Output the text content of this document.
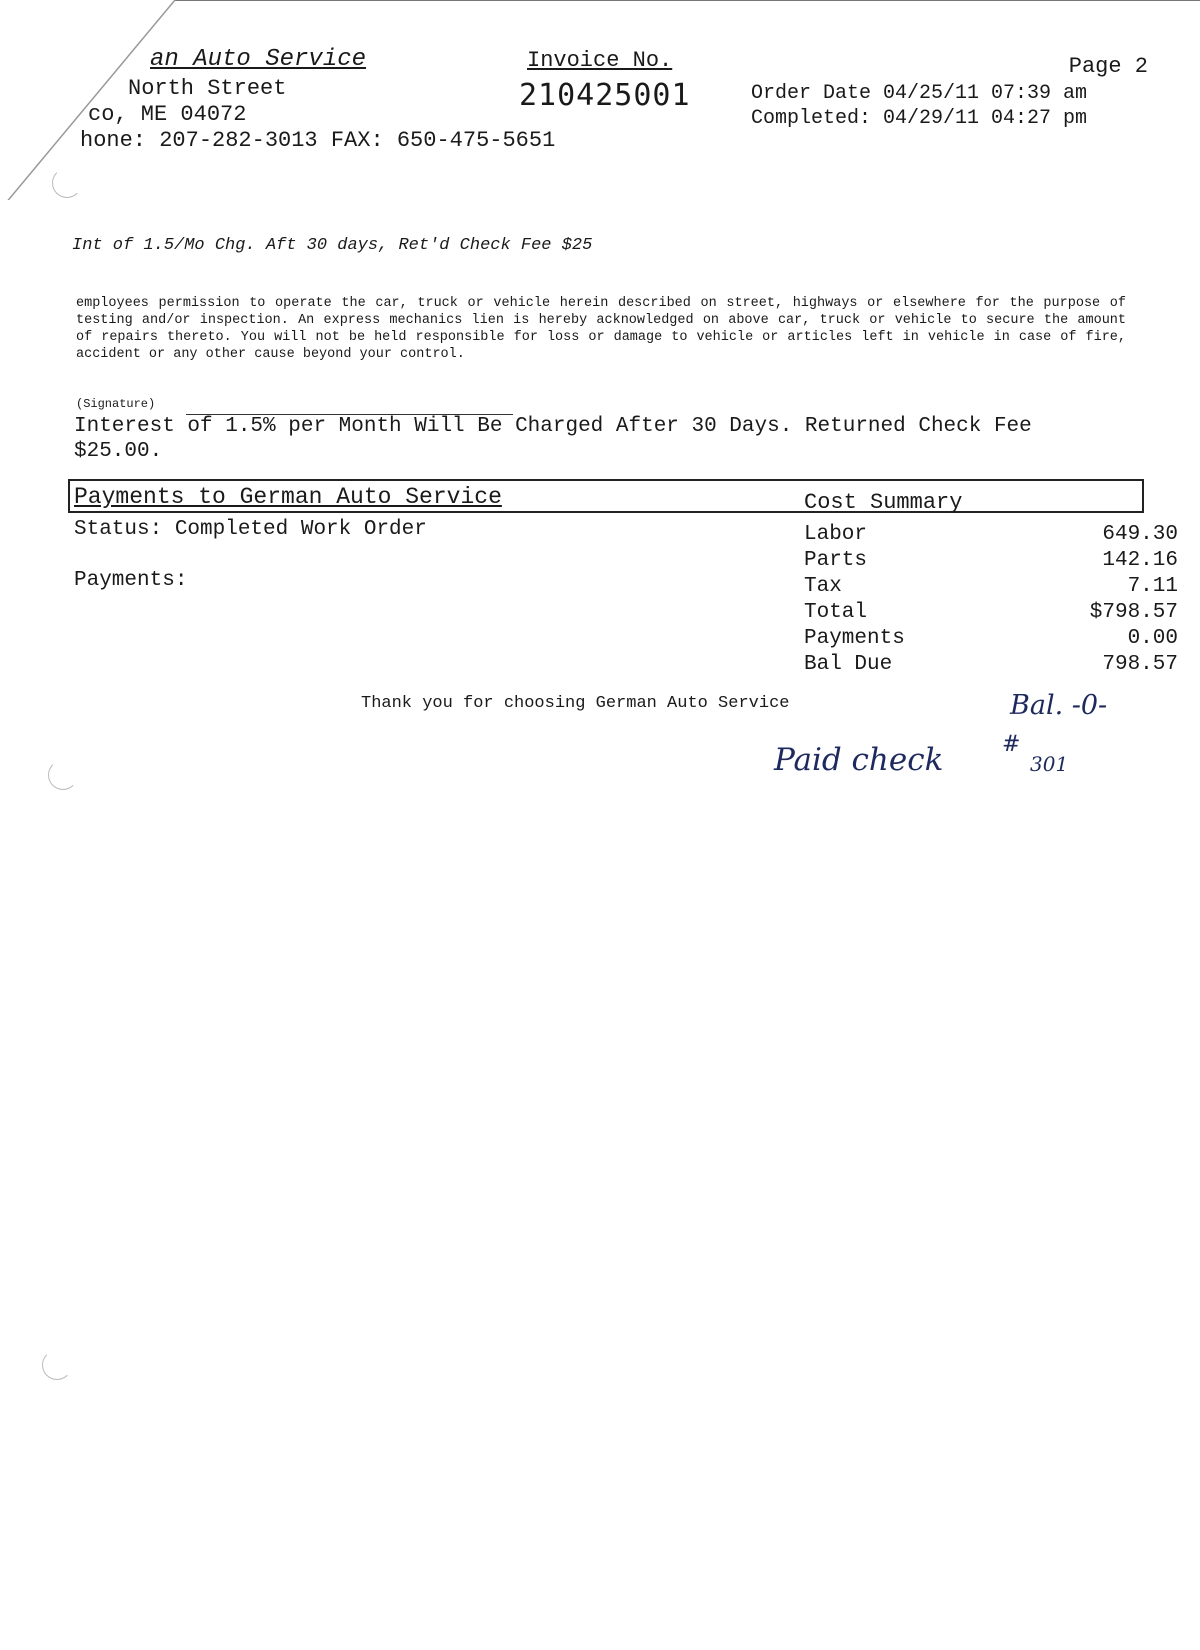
an Auto Service
North Street
co, ME 04072
hone: 207-282-3013 FAX: 650-475-5651
Invoice No.
210425001
Page 2
Order Date 04/25/11 07:39 am
Completed: 04/29/11 04:27 pm
Int of 1.5/Mo Chg. Aft 30 days, Ret'd Check Fee $25
employees permission to operate the car, truck or vehicle herein described on street, highways or elsewhere for the purpose of testing and/or inspection. An express mechanics lien is hereby acknowledged on above car, truck or vehicle to secure the amount of repairs thereto. You will not be held responsible for loss or damage to vehicle or articles left in vehicle in case of fire, accident or any other cause beyond your control.
(Signature)
Interest of 1.5% per Month Will Be Charged After 30 Days. Returned Check Fee $25.00.
Payments to German Auto Service	Cost Summary
Status: Completed Work Order
Payments:
Labor	649.30
Parts	142.16
Tax	7.11
Total	$798.57
Payments	0.00
Bal Due	798.57
Thank you for choosing German Auto Service	Bal. -0-
Paid check	#
301
